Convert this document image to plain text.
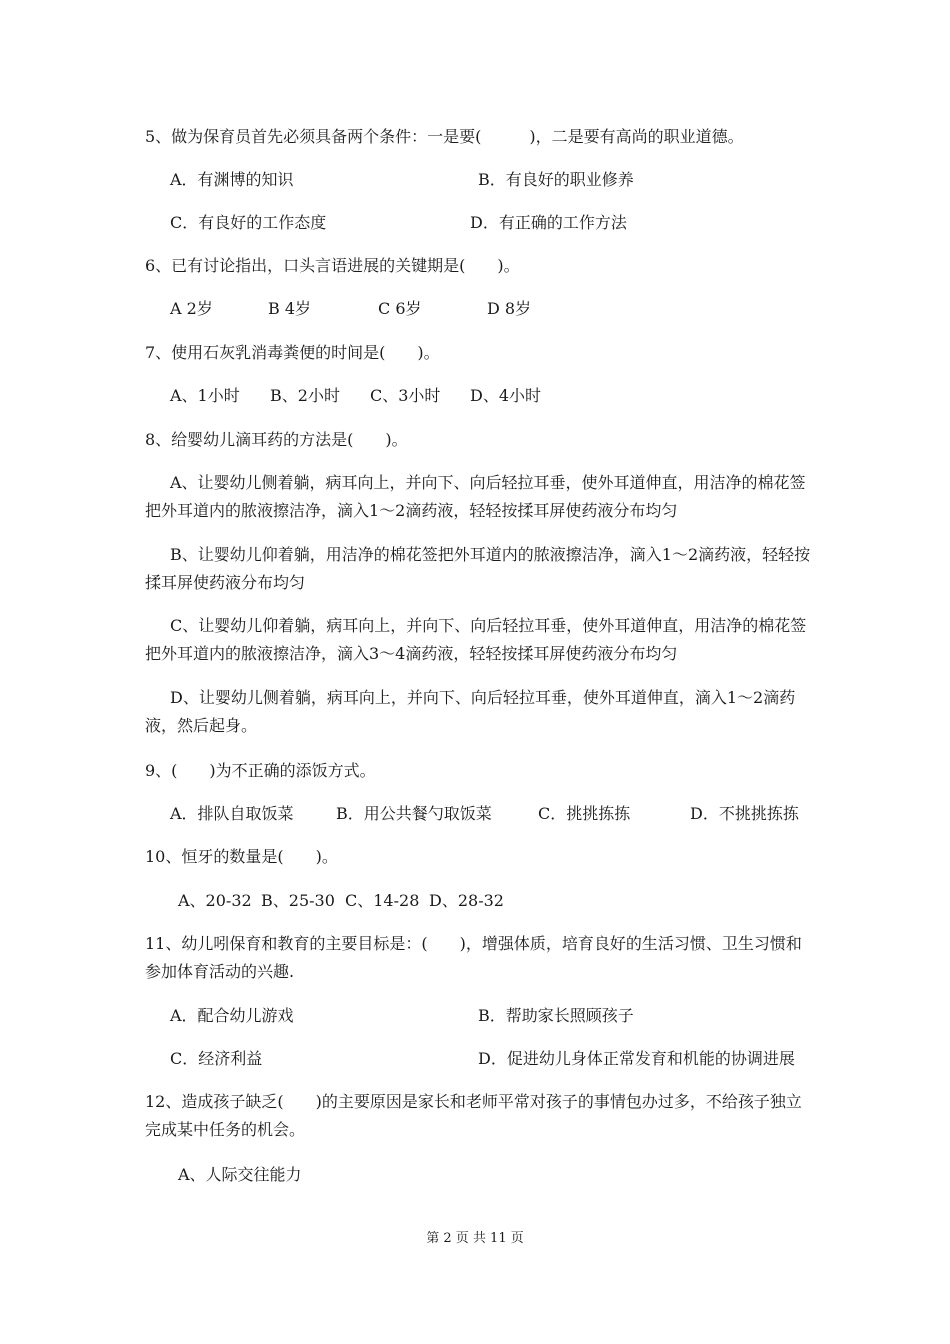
5、做为保育员首先必须具备两个条件：一是要(　　　)，二是要有高尚的职业道德。
A．有渊博的知识	B．有良好的职业修养
C．有良好的工作态度	D．有正确的工作方法
6、已有讨论指出，口头言语进展的关键期是(　　)。
A 2岁	B 4岁	C 6岁	D 8岁
7、使用石灰乳消毒粪便的时间是(　　)。
A、1小时 B、2小时 C、3小时 D、4小时
8、给婴幼儿滴耳药的方法是(　　)。
A、让婴幼儿侧着躺，病耳向上，并向下、向后轻拉耳垂，使外耳道伸直，用洁净的棉花签把外耳道内的脓液擦洁净，滴入1～2滴药液，轻轻按揉耳屏使药液分布均匀
B、让婴幼儿仰着躺，用洁净的棉花签把外耳道内的脓液擦洁净，滴入1～2滴药液，轻轻按揉耳屏使药液分布均匀
C、让婴幼儿仰着躺，病耳向上，并向下、向后轻拉耳垂，使外耳道伸直，用洁净的棉花签把外耳道内的脓液擦洁净，滴入3～4滴药液，轻轻按揉耳屏使药液分布均匀
D、让婴幼儿侧着躺，病耳向上，并向下、向后轻拉耳垂，使外耳道伸直，滴入1～2滴药液，然后起身。
9、(　　)为不正确的添饭方式。
A．排队自取饭菜	B．用公共餐勺取饭菜	C．挑挑拣拣	D．不挑挑拣拣
10、恒牙的数量是(　　)。
A、20-32 B、25-30 C、14-28 D、28-32
11、幼儿吲保育和教育的主要目标是：(　　)，增强体质，培育良好的生活习惯、卫生习惯和参加体育活动的兴趣.
A．配合幼儿游戏	B．帮助家长照顾孩子
C．经济利益	D．促进幼儿身体正常发育和机能的协调进展
12、造成孩子缺乏(　　)的主要原因是家长和老师平常对孩子的事情包办过多，不给孩子独立完成某中任务的机会。
A、人际交往能力
第 2 页 共 11 页
